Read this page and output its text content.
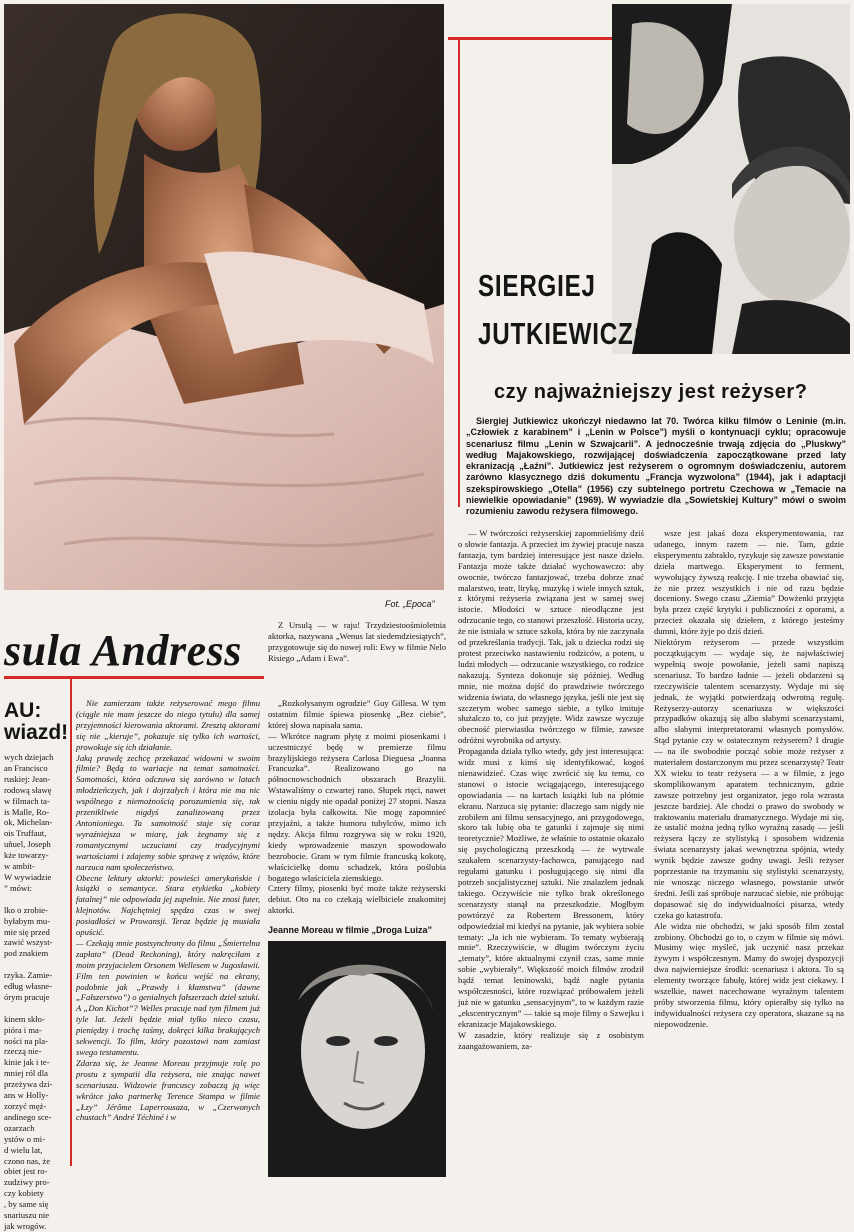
Fot. „Epoca”
sula Andress
AU:
wiazd!

wych dziejach
an Francisco
ruskiej: Jean-
rodową sławę
w filmach ta-
is Malle, Ro-
ok, Michelan-
ois Truffaut,
uñuel, Joseph
kże towarzy-
w ambit-
W wywiadzie
” mówi:

lko o zrobie-
byłabym mu-
mie się przed
zawić wszyst-
pod znakiem

rzyka. Zamie-
edług własne-
órym pracuje

kinem skło-
pióra i ma-
ności na pla-
rzeczą nie-
kinie jak i te-
mniej ról dla
przeżywa dzi-
ans w Holly-
zorzyć męż-
andinego sce-
ozarzach
ystów o mi-
d wielu lat,
czono nas, że
obiet jest ro-
zudziwy pro-
czy kobiety
, by same się
snariuszu nie
jak wrogów.

Nie zamierzam także reżyserować mego filmu (ciągle nie mam jeszcze do niego tytułu) dla samej przyjemności kierowania aktorami. Zresztą aktorami się nie „kieruje”, pokazuje się tylko ich wartości, prowokuje się ich działanie.
Jaką prawdę zechcę przekazać widowni w swoim filmie? Będą to wariacje na temat samotności. Samotności, która odczuwa się zarówno w latach młodzieńczych, jak i dojrzałych i która nie ma nic wspólnego z niemożnością porozumienia się, tak przenikliwie nigdyś zanalizowaną przez Antonioniego. Ta samotność staje się coraz wyraźniejsza w miarę, jak żegnamy się z romantycznymi uczuciami czy tradycyjnymi wartościami i zdajemy sobie sprawę z więzów, które narzuca nam społeczeństwo.
Obecne lektury aktorki: powieści amerykańskie i książki o semantyce. Stara etykietka „kobiety fatalnej” nie odpowiada jej zupełnie. Nie znosi futer, klejnotów. Najchętniej spędza czas w swej posiadłości w Prowansji. Teraz będzie ją musiała opuścić.
— Czekają mnie postsynchrony do filmu „Śmiertelna zapłata” (Dead Reckoning), który nakręciłam z moim przyjacielem Orsonem Wellesem w Jugosławii. Film ten powinien w końcu wejść na ekrany, podobnie jak „Prawdy i kłamstwa” (dawne „Fałszerstwo”) o genialnych fałszerzach dzieł sztuki. A „Don Kichot”? Welles pracuje nad tym filmem już tyle lat. Jeżeli będzie miał tylko nieco czasu, pieniędzy i trochę taśmy, dokręci kilka brakujących sekwencji. To film, który pozostawi nam zamiast swego testamentu.
Zdarza się, że Jeanne Moreau przyjmuje rolę po prostu z sympatii dla reżysera, nie znając nawet scenariusza. Widzowie francuscy zobaczą ją więc wkrótce jako partnerkę Terence Stampa w filmie „Łzy” Jérôme Laperrousaza, w „Czerwonych chustach” André Téchiné i w

Z Ursulą — w raju! Trzydziestoośmioletnia aktorka, nazywana „Wenus lat siedemdziesiątych”, przygotowuje się do nowej roli: Ewy w filmie Nelo Risiego „Adam i Ewa”.

„Rozkołysanym ogrodzie” Guy Gillesa. W tym ostatnim filmie śpiewa piosenkę „Bez ciebie”, której słowa napisała sama.
— Wkrótce nagram płytę z moimi piosenkami i uczestniczyć będę w premierze filmu brazylijskiego reżysera Carlosa Dieguesa „Joanna Francuzka”. Realizowano go na północnowschodnich obszarach Brazylii. Wstawaliśmy o czwartej rano. Słupek rtęci, nawet w cieniu nigdy nie opadał poniżej 27 stopni. Nasza izolacja była całkowita. Nie mogę zapomnieć przyjaźni, a także humoru tubylców, mimo ich nędzy. Akcja filmu rozgrywa się w roku 1920, kiedy wprowadzenie maszyn spowodowało bezrobocie. Gram w tym filmie francuską kokotę, właścicielkę domu schadzek, która poślubia bogatego właściciela ziemskiego.
Cztery filmy, piosenki być może także reżyserski debiut. Oto na co czekają wielbiciele znakomitej aktorki.

Jeanne Moreau w filmie „Droga Luiza”
SIERGIEJ
JUTKIEWICZ:
czy najważniejszy jest reżyser?

Siergiej Jutkiewicz ukończył niedawno lat 70. Twórca kilku filmów o Leninie (m.in. „Człowiek z karabinem” i „Lenin w Polsce”) myśli o kontynuacji cyklu; opracowuje scenariusz filmu „Lenin w Szwajcarii”. A jednocześnie trwają zdjęcia do „Pluskwy” według Majakowskiego, rozwijającej doświadczenia zapoczątkowane przed laty ekranizacją „Łaźni”. Jutkiewicz jest reżyserem o ogromnym doświadczeniu, autorem zarówno klasycznego dziś dokumentu „Francja wyzwolona” (1944), jak i adaptacji szekspirowskiego „Otella” (1956) czy subtelnego portretu Czechowa w „Temacie na niewielkie opowiadanie” (1969). W wywiadzie dla „Sowietskiej Kultury” mówi o swoim rozumieniu zawodu reżysera filmowego.

— W twórczości reżyserskiej zapomnieliśmy dziś o słowie fantazja. A przecież im żywiej pracuje nasza fantazja, tym bardziej interesujące jest nasze dzieło. Fantazja może także działać wychowawczo: aby owocnie, twórczo fantazjować, trzeba dobrze znać malarstwo, teatr, lirykę, muzykę i wiele innych sztuk, z którymi reżyseria związana jest w samej swej istocie. Młodości w sztuce nieodłączne jest odrzucanie tego, co stanowi przeszłość. Historia uczy, że nie istniała w sztuce szkoła, która by nie zaczynała od przekreślania tradycji. Tak, jak u dziecka rodzi się protest przeciwko nastawieniu rodziców, a potem, u ludzi młodych — odrzucanie wszystkiego, co rodzice nakazują. Synteza dokonuje się później. Według mnie, nie można dojść do prawdziwie twórczego widzenia świata, do własnego języka, jeśli nie jest się szczerym wobec samego siebie, a tylko imituje służalczo to, co już przyjęte. Widz zawsze wyczuje obecność pierwiastka twórczego w filmie, zawsze odróżni wyrobnika od artysty.
Propaganda działa tylko wtedy, gdy jest interesująca: widz musi z kimś się identyfikować, kogoś nienawidzieć. Czas więc zwrócić się ku temu, co stanowi o istocie wciągającego, interesującego opowiadania — na kartach książki lub na płótnie ekranu. Narzuca się pytanie: dlaczego sam nigdy nie zrobiłem ani filmu sensacyjnego, ani przygodowego, skoro tak lubię oba te gatunki i zajmuje się nimi teoretycznie? Możliwe, że właśnie to ostatnie okazało się psychologiczną przeszkodą — że wytrwale szukałem scenarzysty-fachowca, panującego nad regułami gatunku i posługującego się nimi dla potrzeb socjalistycznej sztuki. Nie znalazłem jednak takiego. Oczywiście nie tylko brak określonego scenarzysty stanął na przeszkodzie. Mogłbym powtórzyć za Robertem Bressonem, który odpowiedział mi kiedyś na pytanie, jak wybiera sobie tematy: „Ja ich nie wybieram. To tematy wybierają mnie”. Rzeczywiście, w długim twórczym życiu „tematy”, które aktualnymi czynił czas, same mnie sobie „wybierały”. Większość moich filmów zrodził bądź temat leninowski, bądź nagłe pytania współczesności, które rozwiązać próbowałem jeżeli już nie w gatunku „sensacyjnym”, to w każdym razie „ekscentrycznym” — takie są moje filmy o Szwejku i ekranizacje Majakowskiego.
W zasadzie, który realizuje się z osobistym zaangażowaniem, za-

wsze jest jakaś doza eksperymentowania, raz udanego, innym razem — nie. Tam, gdzie eksperymentu zabrakło, ryzykuje się zawsze powstanie dzieła martwego. Eksperyment to ferment, wywołujący żywszą reakcję. I nie trzeba obawiać się, że nie przez wszystkich i nie od razu będzie doceniony. Swego czasu „Ziemia” Dowżenki przyjęta była przez część krytyki i publiczności z oporami, a przecież okazała się dziełem, z którego jesteśmy dumni, które żyje po dziś dzień.
Niektórym reżyserom — przede wszystkim początkującym — wydaje się, że najwłaściwiej wypełnią swoje powołanie, jeżeli sami napiszą scenariusz. To bardzo ładnie — jeżeli obdarzeni są rzeczywiście talentem scenarzysty. Wydaje mi się jednak, że wyjątki potwierdzają odwrotną regułę. Reżyserzy-autorzy scenariusza w większości przypadków okazują się albo słabymi scenarzystami, albo słabymi interpretatorami własnych pomysłów. Stąd pytanie czy w ostatecznym reżyserem? I drugie — na ile swobodnie począć sobie może reżyser z materiałem dostarczonym mu przez scenarzystę? Teatr XX wieku to teatr reżysera — a w filmie, z jego skomplikowanym aparatem technicznym, gdzie zawsze potrzebny jest organizator, jego rola wzrasta jeszcze bardziej. Ale chodzi o prawo do swobody w traktowaniu materiału dramatycznego. Wydaje mi się, że ustalić można jedną tylko wyraźną zasadę — jeśli reżysera łączy ze stylistyką i sposobem widzenia świata scenarzysty jakaś wewnętrzna spójnia, wtedy wynik będzie zawsze godny uwagi. Jeśli reżyser poprzestanie na trzymaniu się stylistyki scenarzysty, nie wnosząc niczego własnego, powstanie utwór średni. Jeśli zaś spróbuje narzucać siebie, nie próbując dopasować się do indywidualności pisarza, wtedy czeka go katastrofa.
Ale widza nie obchodzi, w jaki sposób film został zrobiony. Obchodzi go to, o czym w filmie się mówi. Musimy więc myśleć, jak uczynić nasz przekaz żywym i współczesnym. Mamy do swojej dyspozycji dwa najwierniejsze środki: scenariusz i aktora. To są elementy tworzące fabułę, której widz jest ciekawy. I wszelkie, nawet nacechowane wyraźnym talentem próby stworzenia filmu, który opierałby się tylko na indywidualności reżysera czy operatora, skazane są na niepowodzenie.
